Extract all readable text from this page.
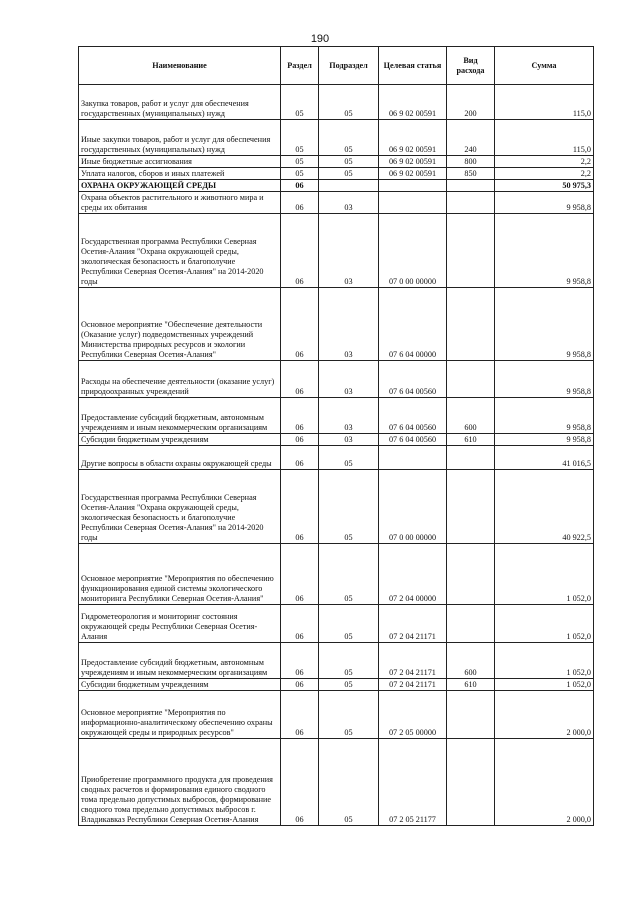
190
Наименование	Раздел	Подраздел	Целевая статья	Вид расхода	Сумма
Закупка товаров, работ и услуг для обеспечения государственных (муниципальных) нужд	05	05	06 9 02 00591	200	115,0
Иные закупки товаров, работ и услуг для обеспечения государственных (муниципальных) нужд	05	05	06 9 02 00591	240	115,0
Иные бюджетные ассигнования	05	05	06 9 02 00591	800	2,2
Уплата налогов, сборов и иных платежей	05	05	06 9 02 00591	850	2,2
ОХРАНА ОКРУЖАЮЩЕЙ СРЕДЫ	06				50 975,3
Охрана объектов растительного и животного мира и среды их обитания	06	03			9 958,8
Государственная программа Республики Северная Осетия-Алания "Охрана окружающей среды, экологическая безопасность и благополучие Республики Северная Осетия-Алания" на 2014-2020 годы	06	03	07 0 00 00000		9 958,8
Основное мероприятие "Обеспечение деятельности (Оказание услуг) подведомственных учреждений Министерства природных ресурсов и экологии Республики Северная Осетия-Алания"	06	03	07 6 04 00000		9 958,8
Расходы на обеспечение деятельности (оказание услуг) природоохранных учреждений	06	03	07 6 04 00560		9 958,8
Предоставление субсидий бюджетным, автономным учреждениям и иным некоммерческим организациям	06	03	07 6 04 00560	600	9 958,8
Субсидии бюджетным учреждениям	06	03	07 6 04 00560	610	9 958,8
Другие вопросы в области охраны окружающей среды	06	05			41 016,5
Государственная программа Республики Северная Осетия-Алания "Охрана окружающей среды, экологическая безопасность и благополучие Республики Северная Осетия-Алания" на 2014-2020 годы	06	05	07 0 00 00000		40 922,5
Основное мероприятие "Мероприятия по обеспечению функционирования единой системы экологического мониторинга Республики Северная Осетия-Алания"	06	05	07 2 04 00000		1 052,0
Гидрометеорология и мониторинг состояния окружающей среды Республики Северная Осетия-Алания	06	05	07 2 04 21171		1 052,0
Предоставление субсидий бюджетным, автономным учреждениям и иным некоммерческим организациям	06	05	07 2 04 21171	600	1 052,0
Субсидии бюджетным учреждениям	06	05	07 2 04 21171	610	1 052,0
Основное мероприятие "Мероприятия по информационно-аналитическому обеспечению охраны окружающей среды и природных ресурсов"	06	05	07 2 05 00000		2 000,0
Приобретение программного продукта для проведения сводных расчетов и формирования единого сводного тома предельно допустимых выбросов, формирование сводного тома предельно допустимых выбросов г. Владикавказ Республики Северная Осетия-Алания	06	05	07 2 05 21177		2 000,0
